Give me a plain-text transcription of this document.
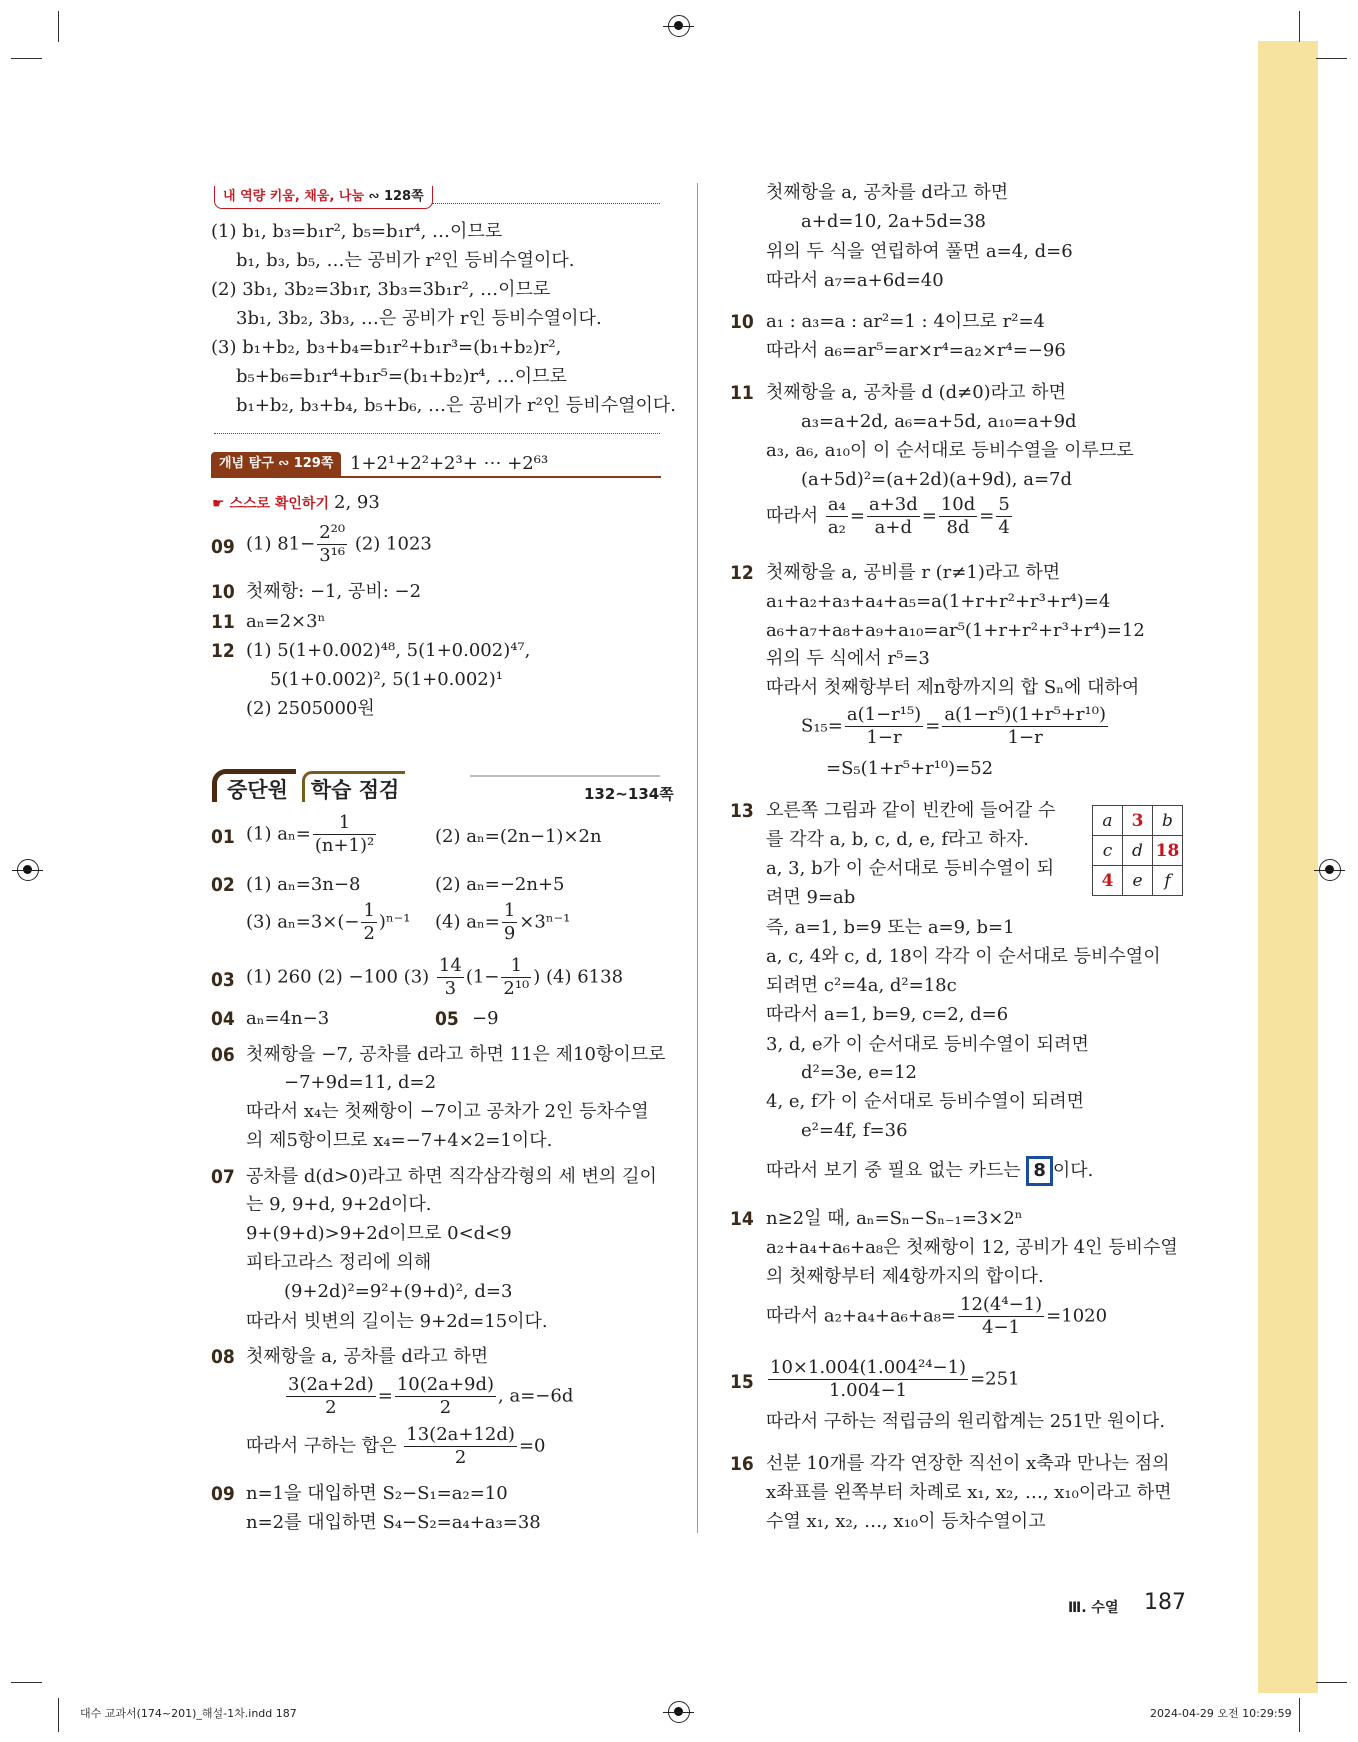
내 역량 키움, 채움, 나눔 ∾ 128쪽
(1) b₁, b₃=b₁r², b₅=b₁r⁴, …이므로
b₁, b₃, b₅, …는 공비가 r²인 등비수열이다.
(2) 3b₁, 3b₂=3b₁r, 3b₃=3b₁r², …이므로
3b₁, 3b₂, 3b₃, …은 공비가 r인 등비수열이다.
(3) b₁+b₂, b₃+b₄=b₁r²+b₁r³=(b₁+b₂)r²,
b₅+b₆=b₁r⁴+b₁r⁵=(b₁+b₂)r⁴, …이므로
b₁+b₂, b₃+b₄, b₅+b₆, …은 공비가 r²인 등비수열이다.
개념 탐구 ∾ 129쪽 1+2¹+2²+2³+ ⋯ +2⁶³
☛ 스스로 확인하기 2, 93
09 (1) $81- \frac{\text{2²⁰}}{\text{3¹⁶}} (2)$ 1023
10 첫째항: −1, 공비: −2
11 aₙ=2×3ⁿ
12 (1) 5(1+0.002)⁴⁸, 5(1+0.002)⁴⁷,
5(1+0.002)², 5(1+0.002)¹
(2) 2505000원
중단원 학습 점검	132~134쪽
01 (1) $a_n= \frac{1}{\text{(n+1)²}}$	(2) aₙ=(2n−1)×2n
02 (1) aₙ=3n−8	(2) aₙ=−2n+5
(3) $a_n=3\times(- \frac{1}{2} )^{n-1}$ (4) $a_n= \frac{1}{9} \times 3^{n-1}$
03 (1) 260 (2) −100 $(3) \frac{14}{3} (1- \frac{1}{\text{2¹⁰}}$ ) (4) 6138
04 aₙ=4n−3	05 −9
06 첫째항을 −7, 공차를 d라고 하면 11은 제10항이므로
−7+9d=11, d=2
따라서 x₄는 첫째항이 −7이고 공차가 2인 등차수열
의 제5항이므로 x₄=−7+4×2=1이다.
07 공차를 d(d>0)라고 하면 직각삼각형의 세 변의 길이
는 9, 9+d, 9+2d이다.
9+(9+d)>9+2d이므로 0<d<9
피타고라스 정리에 의해
(9+2d)²=9²+(9+d)², d=3
따라서 빗변의 길이는 9+2d=15이다.
08 첫째항을 a, 공차를 d라고 하면
$\frac{3(2a+2d)}{2} = \frac{10(2a+9d)}{2}$ , a=−6d
따라서 구하는 합은 $\frac{13(2a+12d)}{2} =0$
09 n=1을 대입하면 S₂−S₁=a₂=10
n=2를 대입하면 S₄−S₂=a₄+a₃=38
첫째항을 a, 공차를 d라고 하면
a+d=10, 2a+5d=38
위의 두 식을 연립하여 풀면 a=4, d=6
따라서 a₇=a+6d=40
10 a₁ : a₃=a : ar²=1 : 4이므로 r²=4
따라서 a₆=ar⁵=ar×r⁴=a₂×r⁴=−96
11 첫째항을 a, 공차를 d (d≠0)라고 하면
a₃=a+2d, a₆=a+5d, a₁₀=a+9d
a₃, a₆, a₁₀이 이 순서대로 등비수열을 이루므로
(a+5d)²=(a+2d)(a+9d), a=7d
따라서 $\frac{\text{a₄}}{\text{a₂}} = \frac{a+3d}{a+d} = \frac{10d}{8d} = \frac{5}{4}$
12 첫째항을 a, 공비를 r (r≠1)라고 하면
a₁+a₂+a₃+a₄+a₅=a(1+r+r²+r³+r⁴)=4
a₆+a₇+a₈+a₉+a₁₀=ar⁵(1+r+r²+r³+r⁴)=12
위의 두 식에서 r⁵=3
따라서 첫째항부터 제n항까지의 합 Sₙ에 대하여
$S_{15}= \frac{\text{a(1−r¹⁵)}}{1-r} = \frac{\text{a(1−r⁵)(1+r⁵+r¹⁰)}}{1-r}$
=S₅(1+r⁵+r¹⁰)=52
13 오른쪽 그림과 같이 빈칸에 들어갈 수
를 각각 a, b, c, d, e, f라고 하자.
a, 3, b가 이 순서대로 등비수열이 되
려면 9=ab
즉, a=1, b=9 또는 a=9, b=1
a, c, 4와 c, d, 18이 각각 이 순서대로 등비수열이
되려면 c²=4a, d²=18c
따라서 a=1, b=9, c=2, d=6
3, d, e가 이 순서대로 등비수열이 되려면
d²=3e, e=12
4, e, f가 이 순서대로 등비수열이 되려면
e²=4f, f=36
따라서 보기 중 필요 없는 카드는 8 이다.
a	3	b
c	d	18
4	e	f
14 n≥2일 때, aₙ=Sₙ−Sₙ₋₁=3×2ⁿ
a₂+a₄+a₆+a₈은 첫째항이 12, 공비가 4인 등비수열
의 첫째항부터 제4항까지의 합이다.
따라서 $a_2+a_4+a_6+a_8= \frac{\text{12(4⁴−1)}}{4-1} =1020$
$15 \frac{\text{10×1.004(1.004²⁴−1)}}{1.004-1} =251$
따라서 구하는 적립금의 원리합계는 251만 원이다.
16 선분 10개를 각각 연장한 직선이 x축과 만나는 점의
x좌표를 왼쪽부터 차례로 x₁, x₂, …, x₁₀이라고 하면
수열 x₁, x₂, …, x₁₀이 등차수열이고
Ⅲ. 수열 187
대수 교과서(174~201)_해설-1차.indd 187	2024-04-29 오전 10:29:59
